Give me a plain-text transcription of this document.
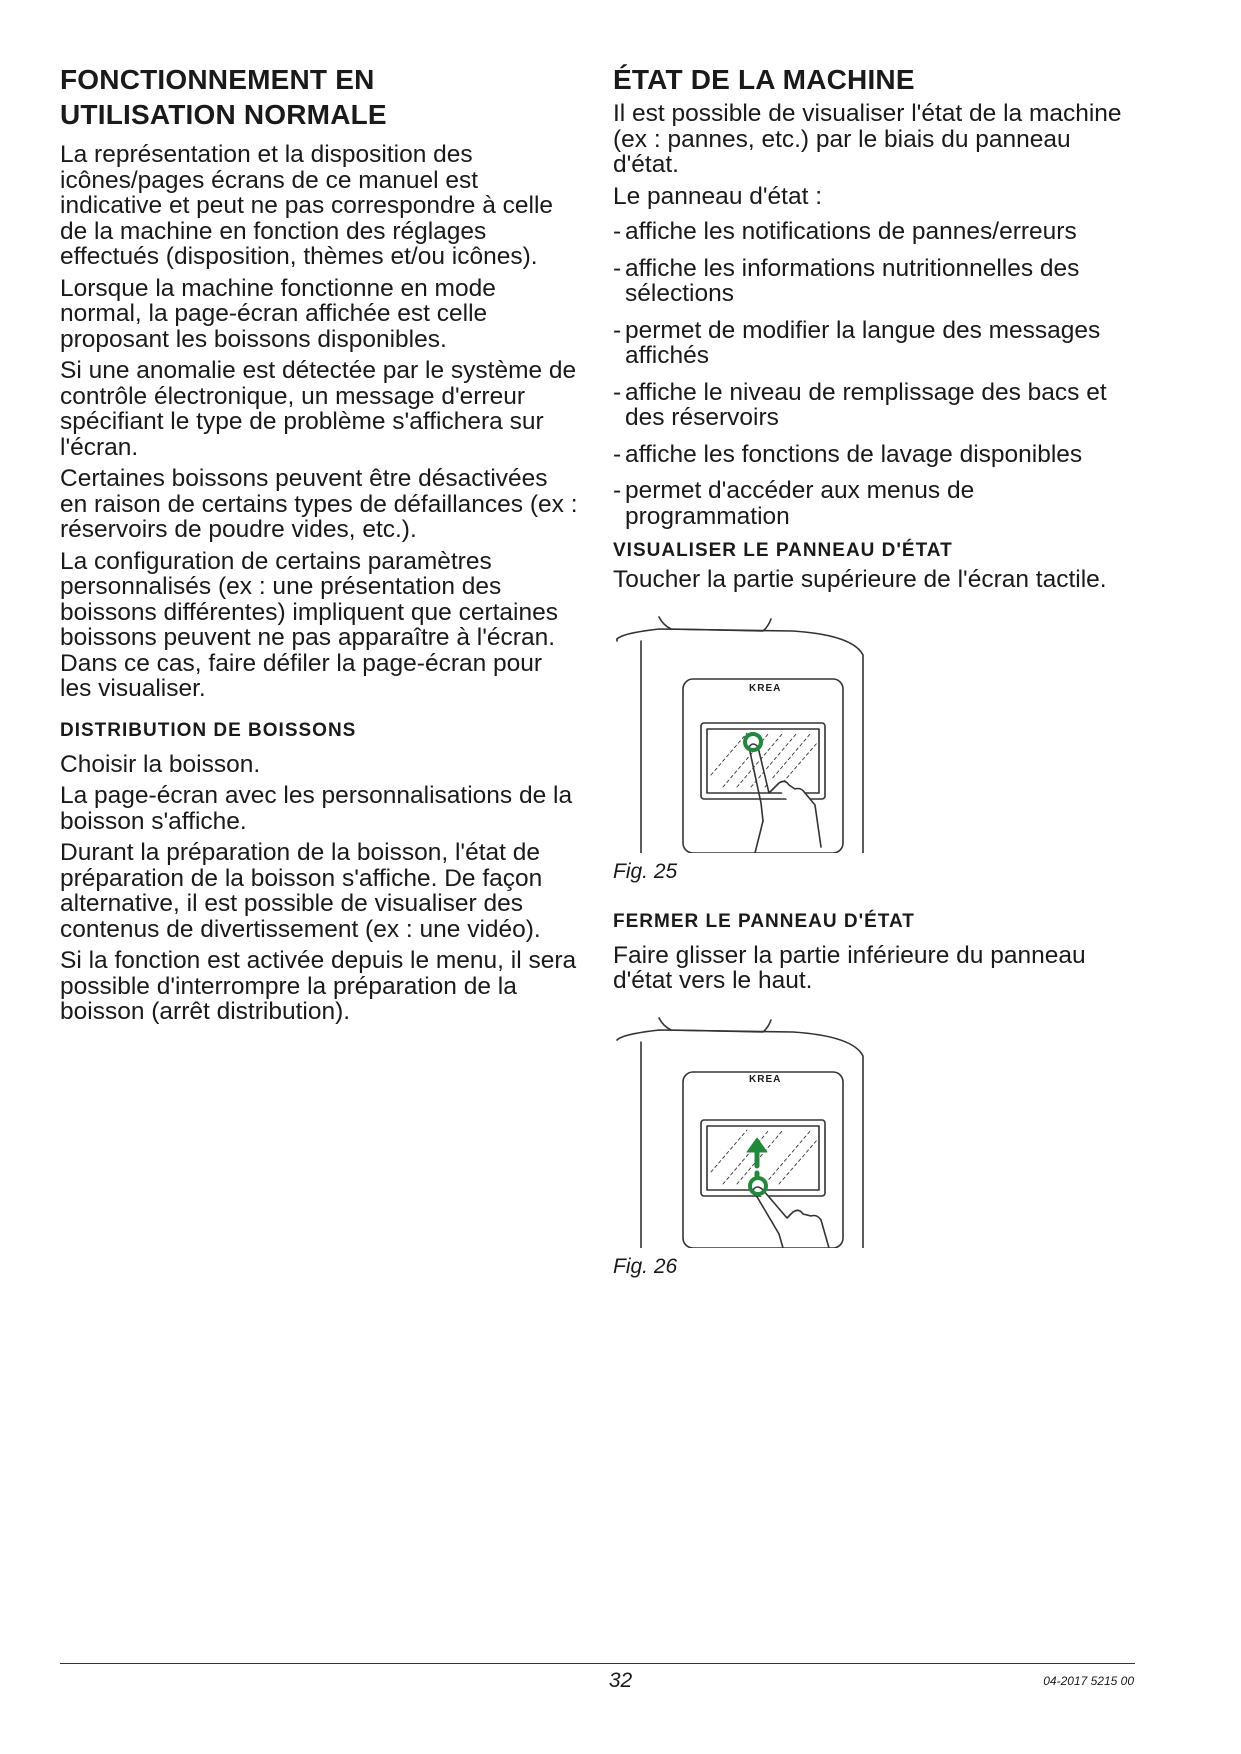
FONCTIONNEMENT EN
UTILISATION NORMALE

La représentation et la disposition des icônes/pages écrans de ce manuel est indicative et peut ne pas correspondre à celle de la machine en fonction des réglages effectués (disposition, thèmes et/ou icônes).

Lorsque la machine fonctionne en mode normal, la page-écran affichée est celle proposant les boissons disponibles.

Si une anomalie est détectée par le système de contrôle électronique, un message d'erreur spécifiant le type de problème s'affichera sur l'écran.

Certaines boissons peuvent être désactivées en raison de certains types de défaillances (ex : réservoirs de poudre vides, etc.).

La configuration de certains paramètres personnalisés (ex : une présentation des boissons différentes) impliquent que certaines boissons peuvent ne pas apparaître à l'écran. Dans ce cas, faire défiler la page-écran pour les visualiser.

DISTRIBUTION DE BOISSONS

Choisir la boisson.

La page-écran avec les personnalisations de la boisson s'affiche.

Durant la préparation de la boisson, l'état de préparation de la boisson s'affiche. De façon alternative, il est possible de visualiser des contenus de divertissement (ex : une vidéo).

Si la fonction est activée depuis le menu, il sera possible d'interrompre la préparation de la boisson (arrêt distribution).

ÉTAT DE LA MACHINE

Il est possible de visualiser l'état de la machine (ex : pannes, etc.) par le biais du panneau d'état.

Le panneau d'état :

- affiche les notifications de pannes/erreurs
- affiche les informations nutritionnelles des sélections
- permet de modifier la langue des messages affichés
- affiche le niveau de remplissage des bacs et des réservoirs
- affiche les fonctions de lavage disponibles
- permet d'accéder aux menus de programmation
VISUALISER LE PANNEAU D'ÉTAT

Toucher la partie supérieure de l'écran tactile.

KREA
Fig. 25
FERMER LE PANNEAU D'ÉTAT

Faire glisser la partie inférieure du panneau d'état vers le haut.

KREA
Fig. 26
32	04-2017 5215 00
